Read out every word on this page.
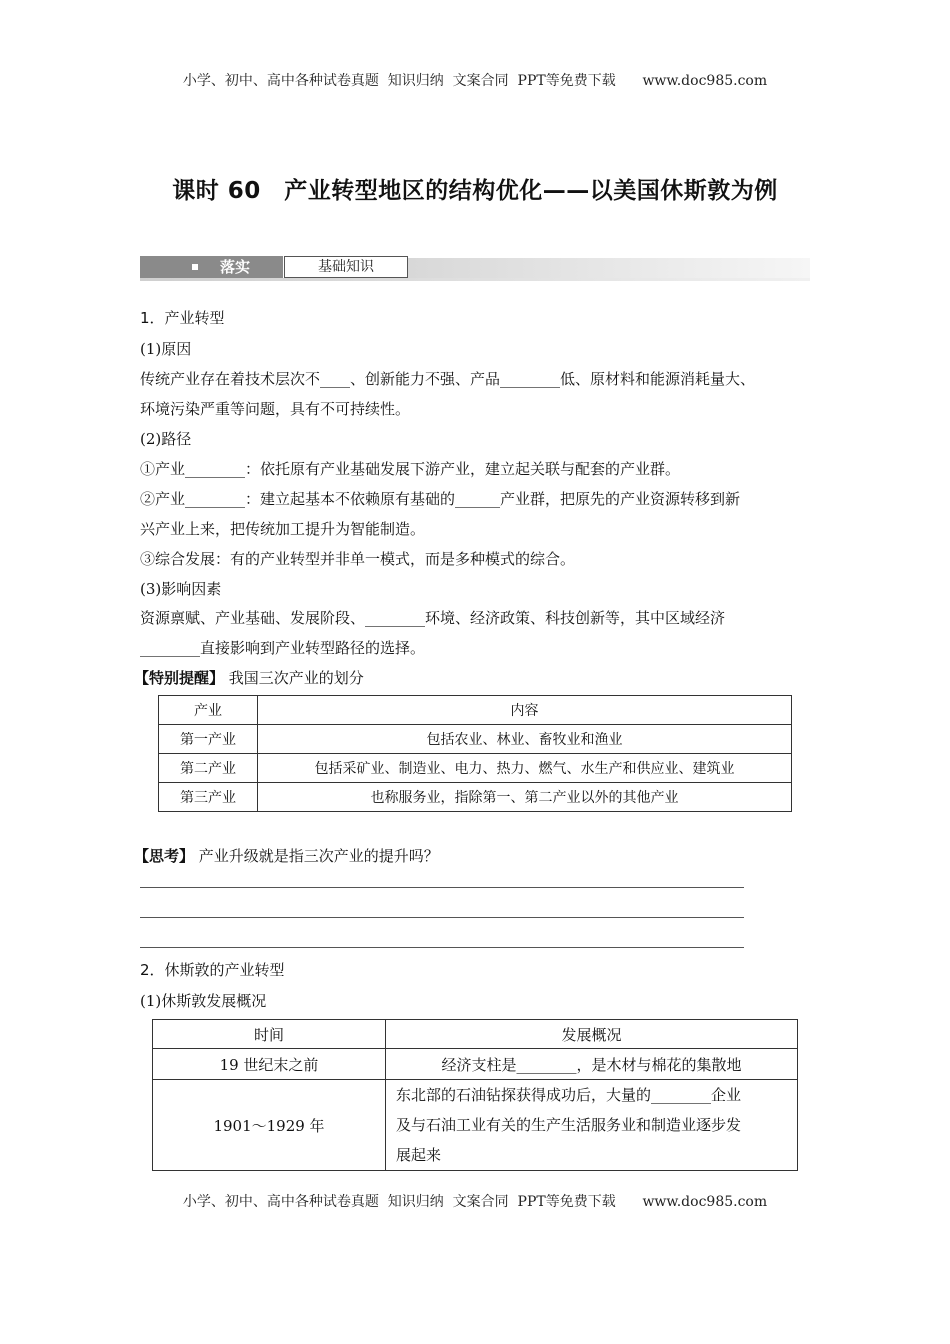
小学、初中、高中各种试卷真题  知识归纳  文案合同  PPT等免费下载      www.doc985.com
课时 60　产业转型地区的结构优化——以美国休斯敦为例
落实	基础知识
1．产业转型
(1)原因
传统产业存在着技术层次不____、创新能力不强、产品________低、原材料和能源消耗量大、
环境污染严重等问题，具有不可持续性。
(2)路径
①产业________：依托原有产业基础发展下游产业，建立起关联与配套的产业群。
②产业________：建立起基本不依赖原有基础的______产业群，把原先的产业资源转移到新
兴产业上来，把传统加工提升为智能制造。
③综合发展：有的产业转型并非单一模式，而是多种模式的综合。
(3)影响因素
资源禀赋、产业基础、发展阶段、________环境、经济政策、科技创新等，其中区域经济
________直接影响到产业转型路径的选择。
【特别提醒】 我国三次产业的划分
产业	内容
第一产业	包括农业、林业、畜牧业和渔业
第二产业	包括采矿业、制造业、电力、热力、燃气、水生产和供应业、建筑业
第三产业	也称服务业，指除第一、第二产业以外的其他产业
【思考】 产业升级就是指三次产业的提升吗？
2．休斯敦的产业转型
(1)休斯敦发展概况
时间	发展概况
19 世纪末之前	经济支柱是________，是木材与棉花的集散地
1901～1929 年	东北部的石油钻探获得成功后，大量的________企业
及与石油工业有关的生产生活服务业和制造业逐步发
展起来
小学、初中、高中各种试卷真题  知识归纳  文案合同  PPT等免费下载      www.doc985.com
